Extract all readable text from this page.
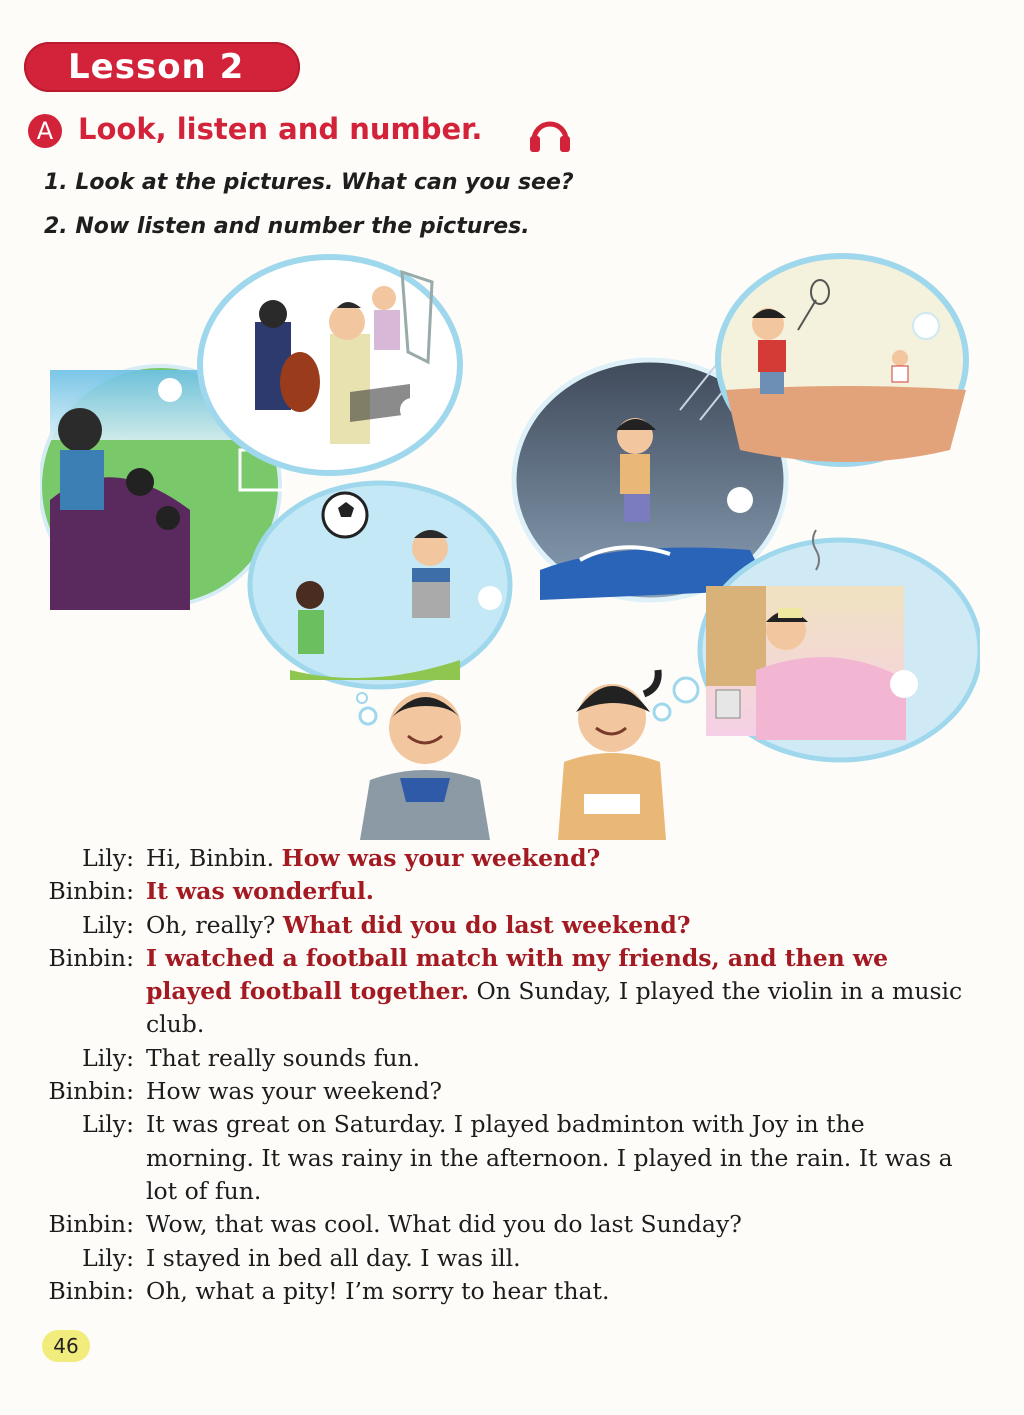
Lesson 2
A Look, listen and number.
1. Look at the pictures. What can you see?
2. Now listen and number the pictures.
Lily: Hi, Binbin. How was your weekend?
Binbin: It was wonderful.
Lily: Oh, really? What did you do last weekend?
Binbin: I watched a football match with my friends, and then we played football together. On Sunday, I played the violin in a music club.
Lily: That really sounds fun.
Binbin: How was your weekend?
Lily: It was great on Saturday. I played badminton with Joy in the morning. It was rainy in the afternoon. I played in the rain. It was a lot of fun.
Binbin: Wow, that was cool. What did you do last Sunday?
Lily: I stayed in bed all day. I was ill.
Binbin: Oh, what a pity! I’m sorry to hear that.
46
